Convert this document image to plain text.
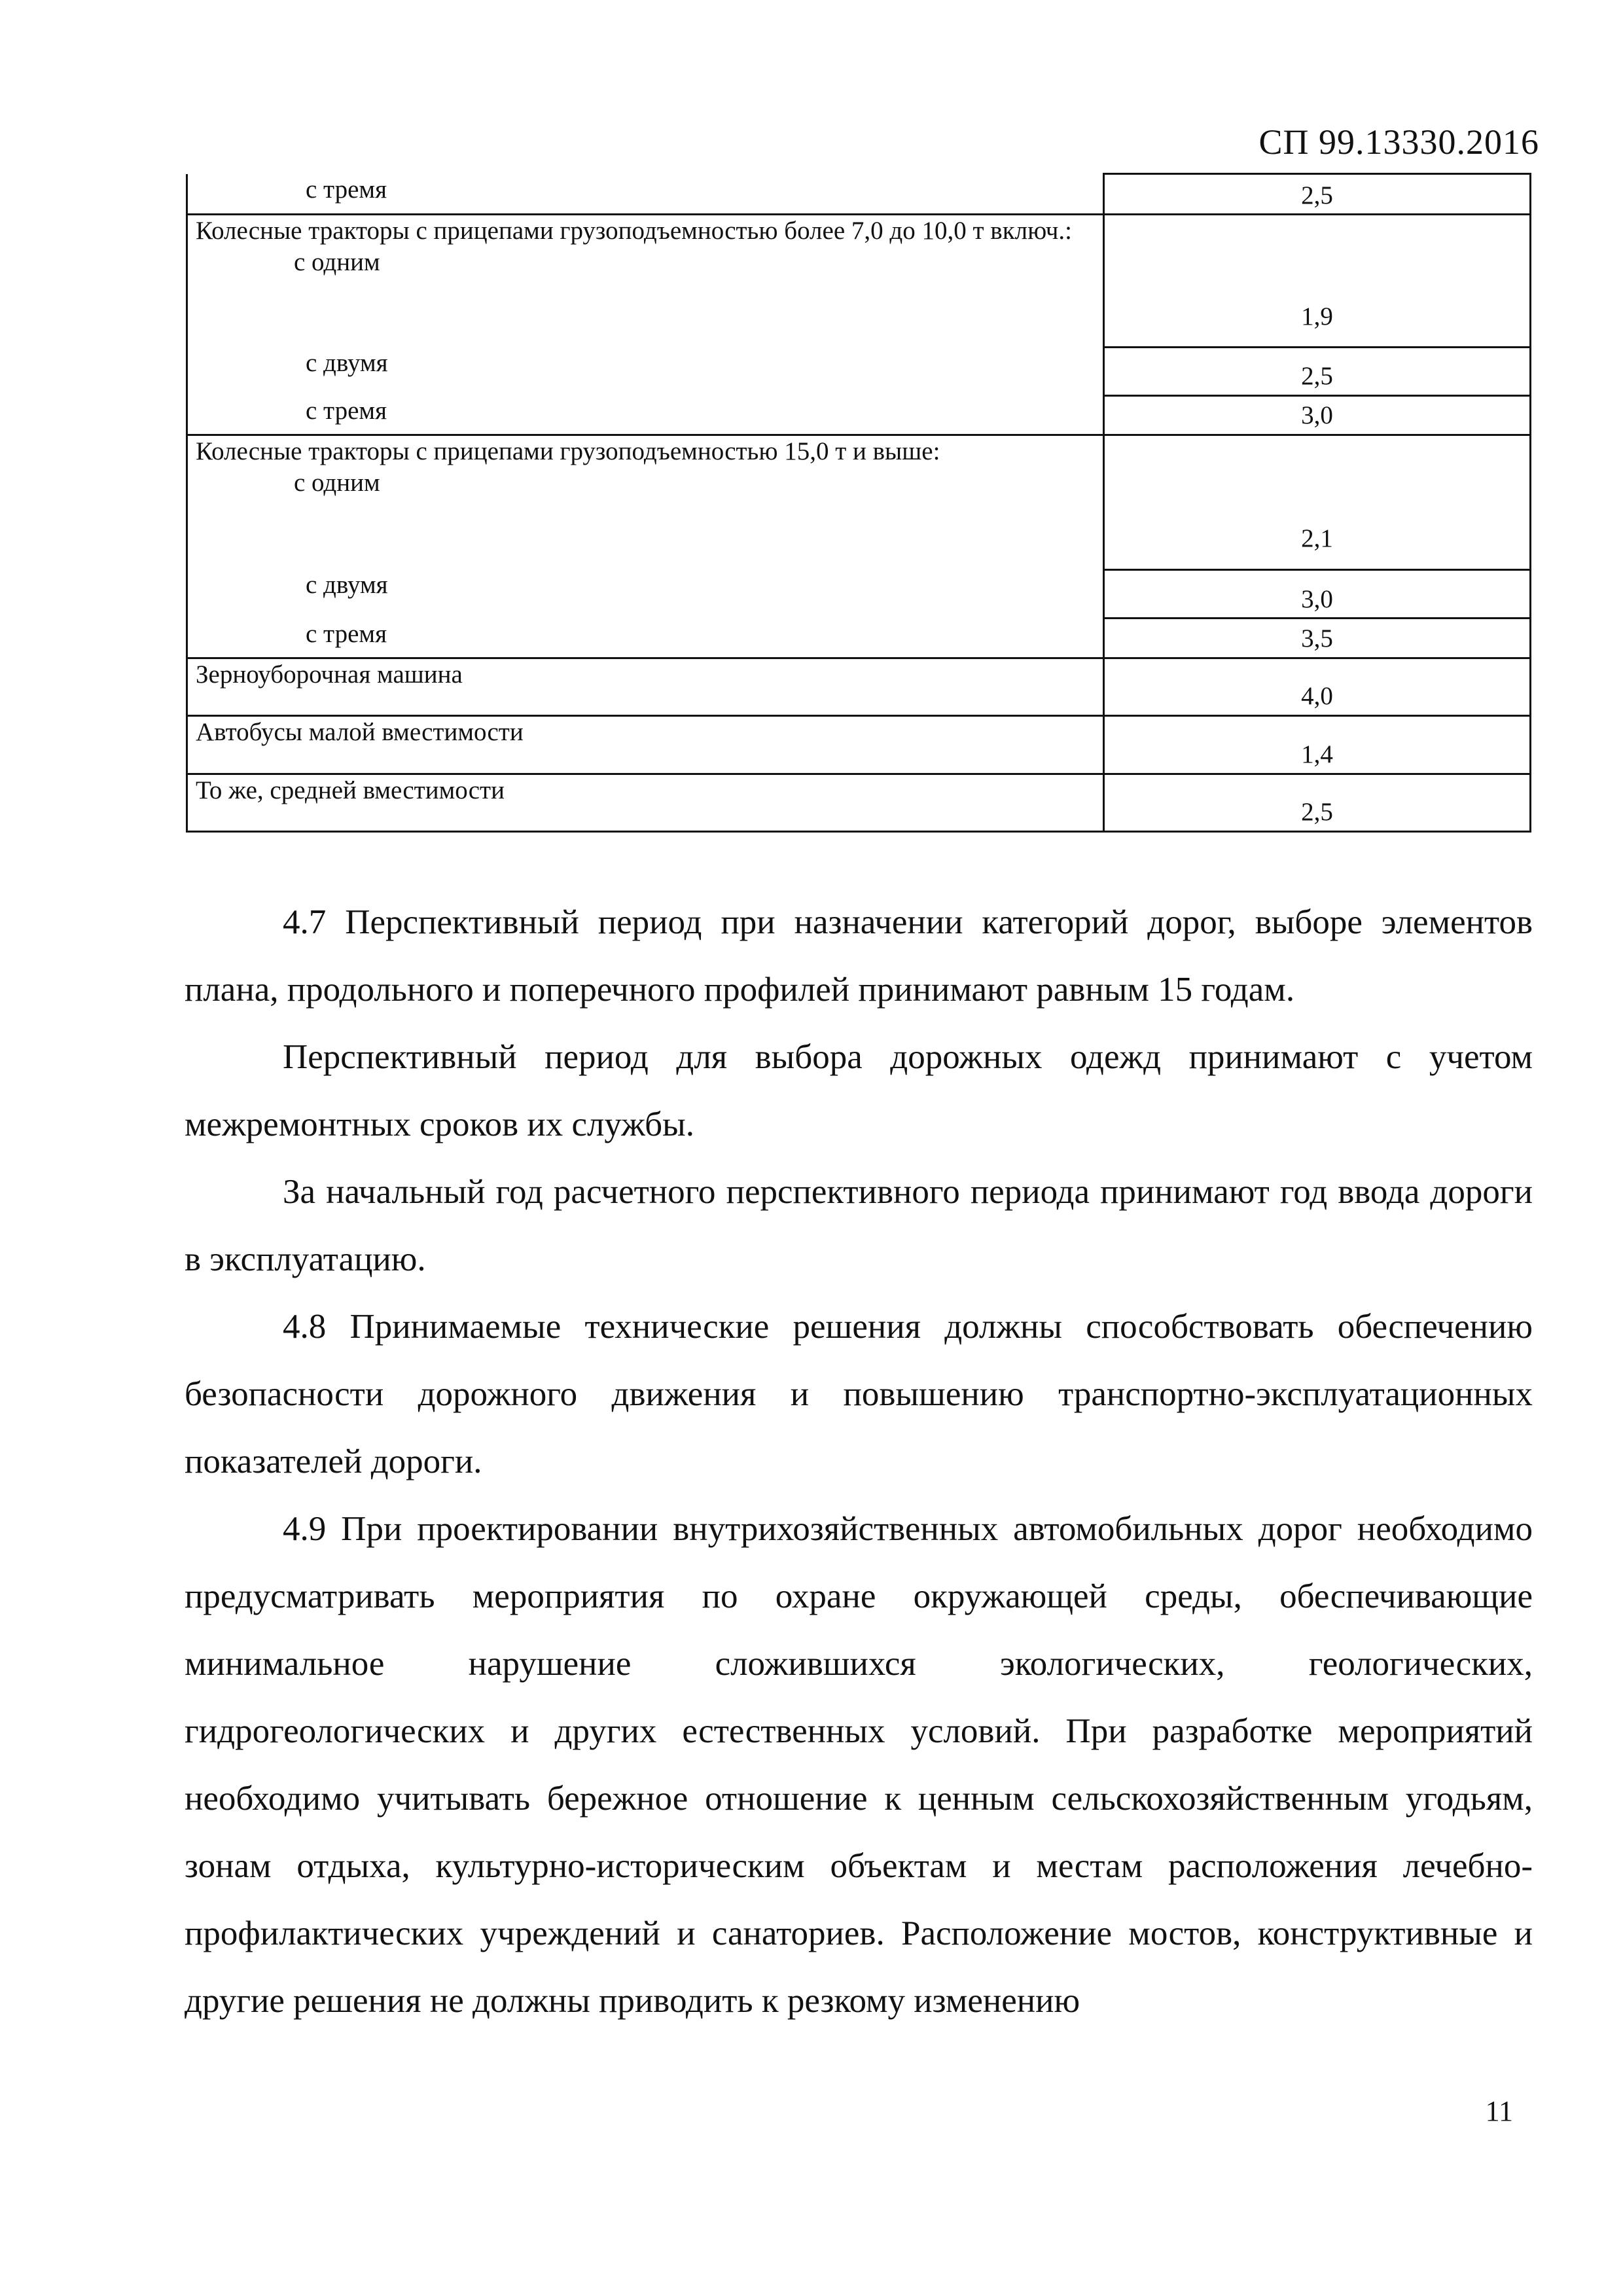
СП 99.13330.2016
с тремя	2,5

Колесные тракторы с прицепами грузоподъемностью более 7,0 до 10,0 т включ.:
с одним	1,9

с двумя	2,5

с тремя	3,0

Колесные тракторы с прицепами грузоподъемностью 15,0 т и выше:
с одним	2,1

с двумя	3,0

с тремя	3,5

Зерноуборочная машина	4,0

Автобусы малой вместимости	1,4

То же, средней вместимости	2,5

4.7 Перспективный период при назначении категорий дорог, выборе элементов плана, продольного и поперечного профилей принимают равным 15 годам.

Перспективный период для выбора дорожных одежд принимают с учетом межремонтных сроков их службы.

За начальный год расчетного перспективного периода принимают год ввода дороги в эксплуатацию.

4.8 Принимаемые технические решения должны способствовать обеспечению безопасности дорожного движения и повышению транспортно-эксплуатационных показателей дороги.

4.9 При проектировании внутрихозяйственных автомобильных дорог необходимо предусматривать мероприятия по охране окружающей среды, обеспечивающие минимальное нарушение сложившихся экологических, геологических, гидрогеологических и других естественных условий. При разработке мероприятий необходимо учитывать бережное отношение к ценным сельскохозяйственным угодьям, зонам отдыха, культурно-историческим объектам и местам расположения лечебно-профилактических учреждений и санаториев. Расположение мостов, конструктивные и другие решения не должны приводить к резкому изменению

11
